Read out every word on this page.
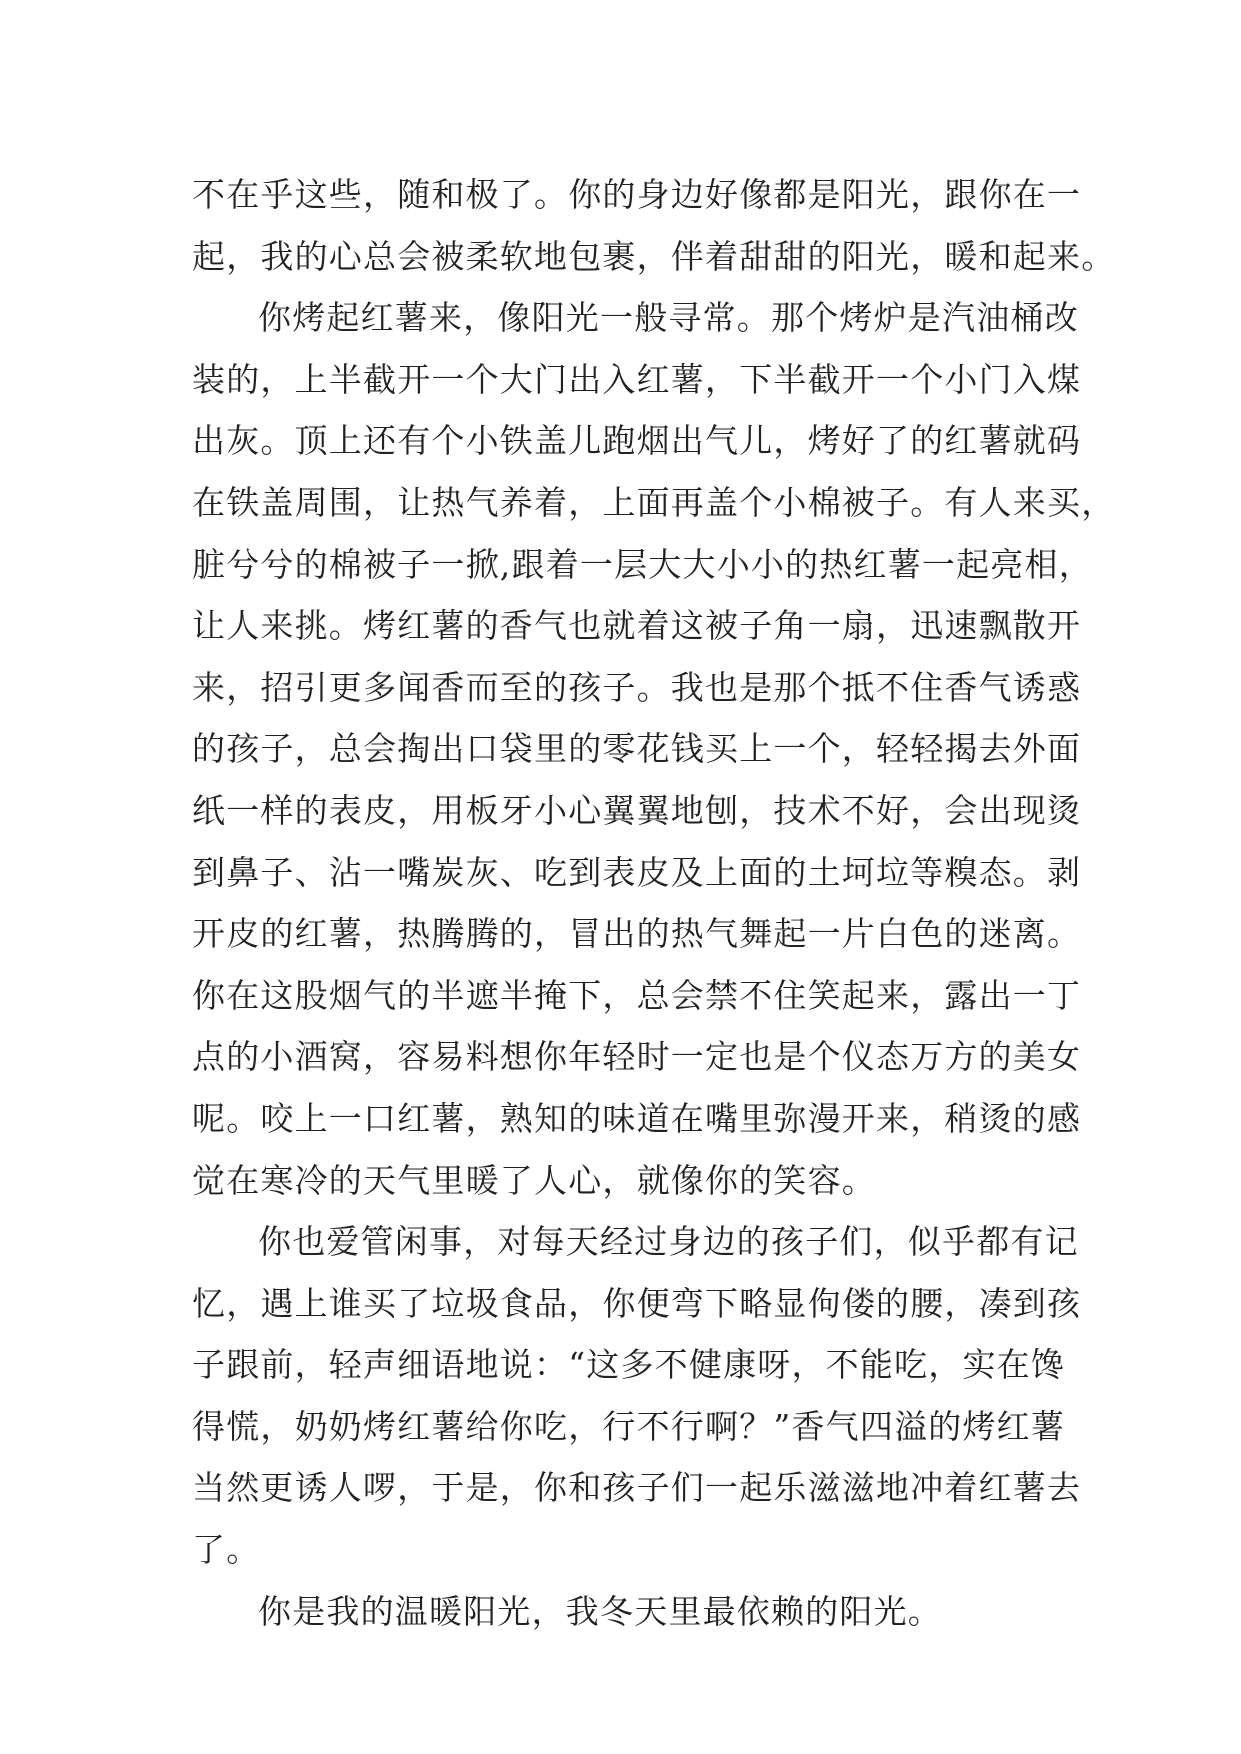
不在乎这些，随和极了。你的身边好像都是阳光，跟你在一
起，我的心总会被柔软地包裹，伴着甜甜的阳光，暖和起来。
你烤起红薯来，像阳光一般寻常。那个烤炉是汽油桶改
装的，上半截开一个大门出入红薯，下半截开一个小门入煤
出灰。顶上还有个小铁盖儿跑烟出气儿，烤好了的红薯就码
在铁盖周围，让热气养着，上面再盖个小棉被子。有人来买，
脏兮兮的棉被子一掀,跟着一层大大小小的热红薯一起亮相，
让人来挑。烤红薯的香气也就着这被子角一扇，迅速飘散开
来，招引更多闻香而至的孩子。我也是那个抵不住香气诱惑
的孩子，总会掏出口袋里的零花钱买上一个，轻轻揭去外面
纸一样的表皮，用板牙小心翼翼地刨，技术不好，会出现烫
到鼻子、沾一嘴炭灰、吃到表皮及上面的土坷垃等糗态。剥
开皮的红薯，热腾腾的，冒出的热气舞起一片白色的迷离。
你在这股烟气的半遮半掩下，总会禁不住笑起来，露出一丁
点的小酒窝，容易料想你年轻时一定也是个仪态万方的美女
呢。咬上一口红薯，熟知的味道在嘴里弥漫开来，稍烫的感
觉在寒冷的天气里暖了人心，就像你的笑容。
你也爱管闲事，对每天经过身边的孩子们，似乎都有记
忆，遇上谁买了垃圾食品，你便弯下略显佝偻的腰，凑到孩
子跟前，轻声细语地说：“这多不健康呀，不能吃，实在馋
得慌，奶奶烤红薯给你吃，行不行啊？”香气四溢的烤红薯
当然更诱人啰，于是，你和孩子们一起乐滋滋地冲着红薯去
了。
你是我的温暖阳光，我冬天里最依赖的阳光。
